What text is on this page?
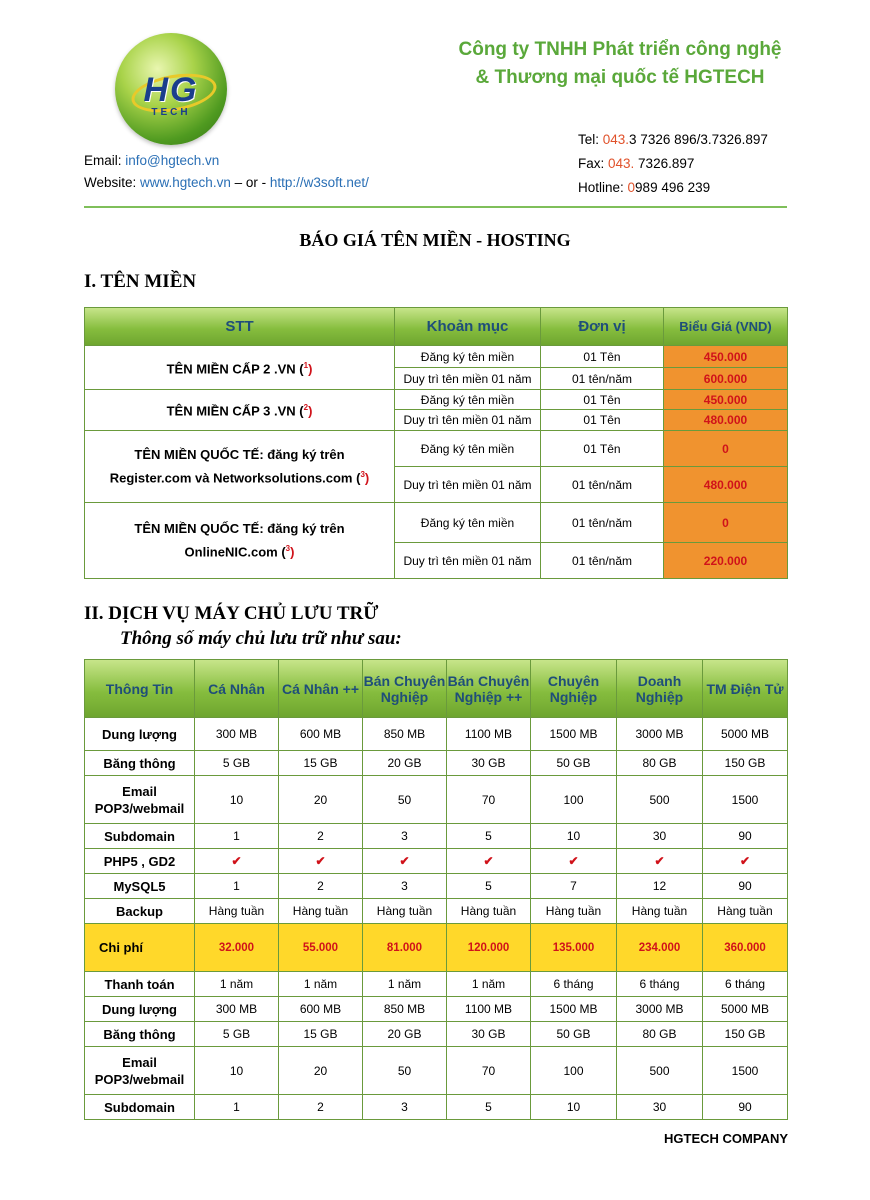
HG
TECH
Công ty TNHH Phát triển công nghệ
& Thương mại quốc tế HGTECH
Tel: 043.3 7326 896/3.7326.897
Fax: 043. 7326.897
Hotline: 0989 496 239
Email: info@hgtech.vn
Website: www.hgtech.vn – or - http://w3soft.net/
BÁO GIÁ TÊN MIỀN - HOSTING
I. TÊN MIỀN
STT	Khoản mục	Đơn vị	Biểu Giá (VND)
TÊN MIỀN CẤP 2 .VN ($^1$)	Đăng ký tên miền	01 Tên	450.000
	Duy trì tên miền 01 năm	01 tên/năm	600.000
TÊN MIỀN CẤP 3 .VN ($^2$)	Đăng ký tên miền	01 Tên	450.000
	Duy trì tên miền 01 năm	01 Tên	480.000

TÊN MIỀN QUỐC TẾ: đăng ký trên
Register.com và Networksolutions.com ($^3$)	Đăng ký tên miền	01 Tên	0
	Duy trì tên miền 01 năm	01 tên/năm	480.000

TÊN MIỀN QUỐC TẾ: đăng ký trên
OnlineNIC.com ($^3$)	Đăng ký tên miền	01 tên/năm	0
	Duy trì tên miền 01 năm	01 tên/năm	220.000
II. DỊCH VỤ MÁY CHỦ LƯU TRỮ
Thông số máy chủ lưu trữ như sau:
Thông Tin	Cá Nhân	Cá Nhân ++	Bán Chuyên Nghiệp	Bán Chuyên Nghiệp ++	Chuyên Nghiệp	Doanh Nghiệp	TM Điện Tử
Dung lượng	300 MB	600 MB	850 MB	1100 MB	1500 MB	3000 MB	5000 MB
Băng thông	5 GB	15 GB	20 GB	30 GB	50 GB	80 GB	150 GB
Email POP3/webmail	10	20	50	70	100	500	1500
Subdomain	1	2	3	5	10	30	90
PHP5 , GD2	✔	✔	✔	✔	✔	✔	✔
MySQL5	1	2	3	5	7	12	90
Backup	Hàng tuần	Hàng tuần	Hàng tuần	Hàng tuần	Hàng tuần	Hàng tuần	Hàng tuần
Chi phí	32.000	55.000	81.000	120.000	135.000	234.000	360.000
Thanh toán	1 năm	1 năm	1 năm	1 năm	6 tháng	6 tháng	6 tháng
Dung lượng	300 MB	600 MB	850 MB	1100 MB	1500 MB	3000 MB	5000 MB
Băng thông	5 GB	15 GB	20 GB	30 GB	50 GB	80 GB	150 GB
Email POP3/webmail	10	20	50	70	100	500	1500
Subdomain	1	2	3	5	10	30	90
HGTECH COMPANY
